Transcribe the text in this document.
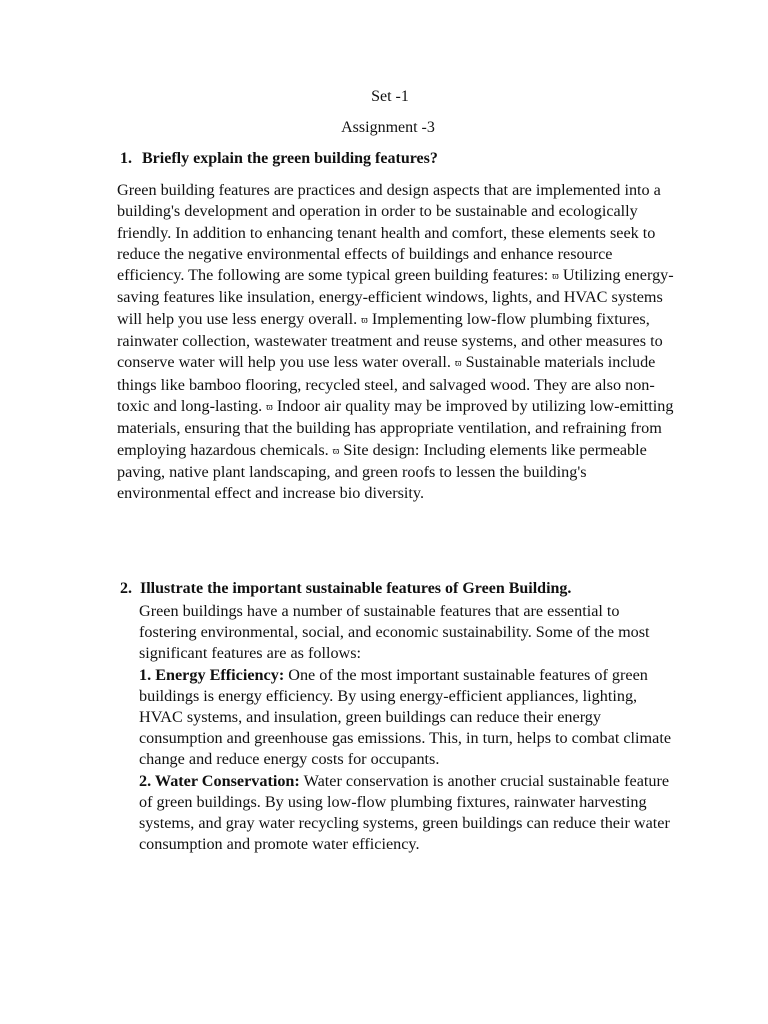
Set -1
Assignment -3
1. Briefly explain the green building features?
Green building features are practices and design aspects that are implemented into a building's development and operation in order to be sustainable and ecologically friendly. In addition to enhancing tenant health and comfort, these elements seek to reduce the negative environmental effects of buildings and enhance resource efficiency. The following are some typical green building features: ϖ Utilizing energy-saving features like insulation, energy-efficient windows, lights, and HVAC systems will help you use less energy overall. ϖ Implementing low-flow plumbing fixtures, rainwater collection, wastewater treatment and reuse systems, and other measures to conserve water will help you use less water overall. ϖ Sustainable materials include things like bamboo flooring, recycled steel, and salvaged wood. They are also non-toxic and long-lasting. ϖ Indoor air quality may be improved by utilizing low-emitting materials, ensuring that the building has appropriate ventilation, and refraining from employing hazardous chemicals. ϖ Site design: Including elements like permeable paving, native plant landscaping, and green roofs to lessen the building's environmental effect and increase bio diversity.
2. Illustrate the important sustainable features of Green Building.

Green buildings have a number of sustainable features that are essential to fostering environmental, social, and economic sustainability. Some of the most significant features are as follows:

1. Energy Efficiency: One of the most important sustainable features of green buildings is energy efficiency. By using energy-efficient appliances, lighting, HVAC systems, and insulation, green buildings can reduce their energy consumption and greenhouse gas emissions. This, in turn, helps to combat climate change and reduce energy costs for occupants.

2. Water Conservation: Water conservation is another crucial sustainable feature of green buildings. By using low-flow plumbing fixtures, rainwater harvesting systems, and gray water recycling systems, green buildings can reduce their water consumption and promote water efficiency.
